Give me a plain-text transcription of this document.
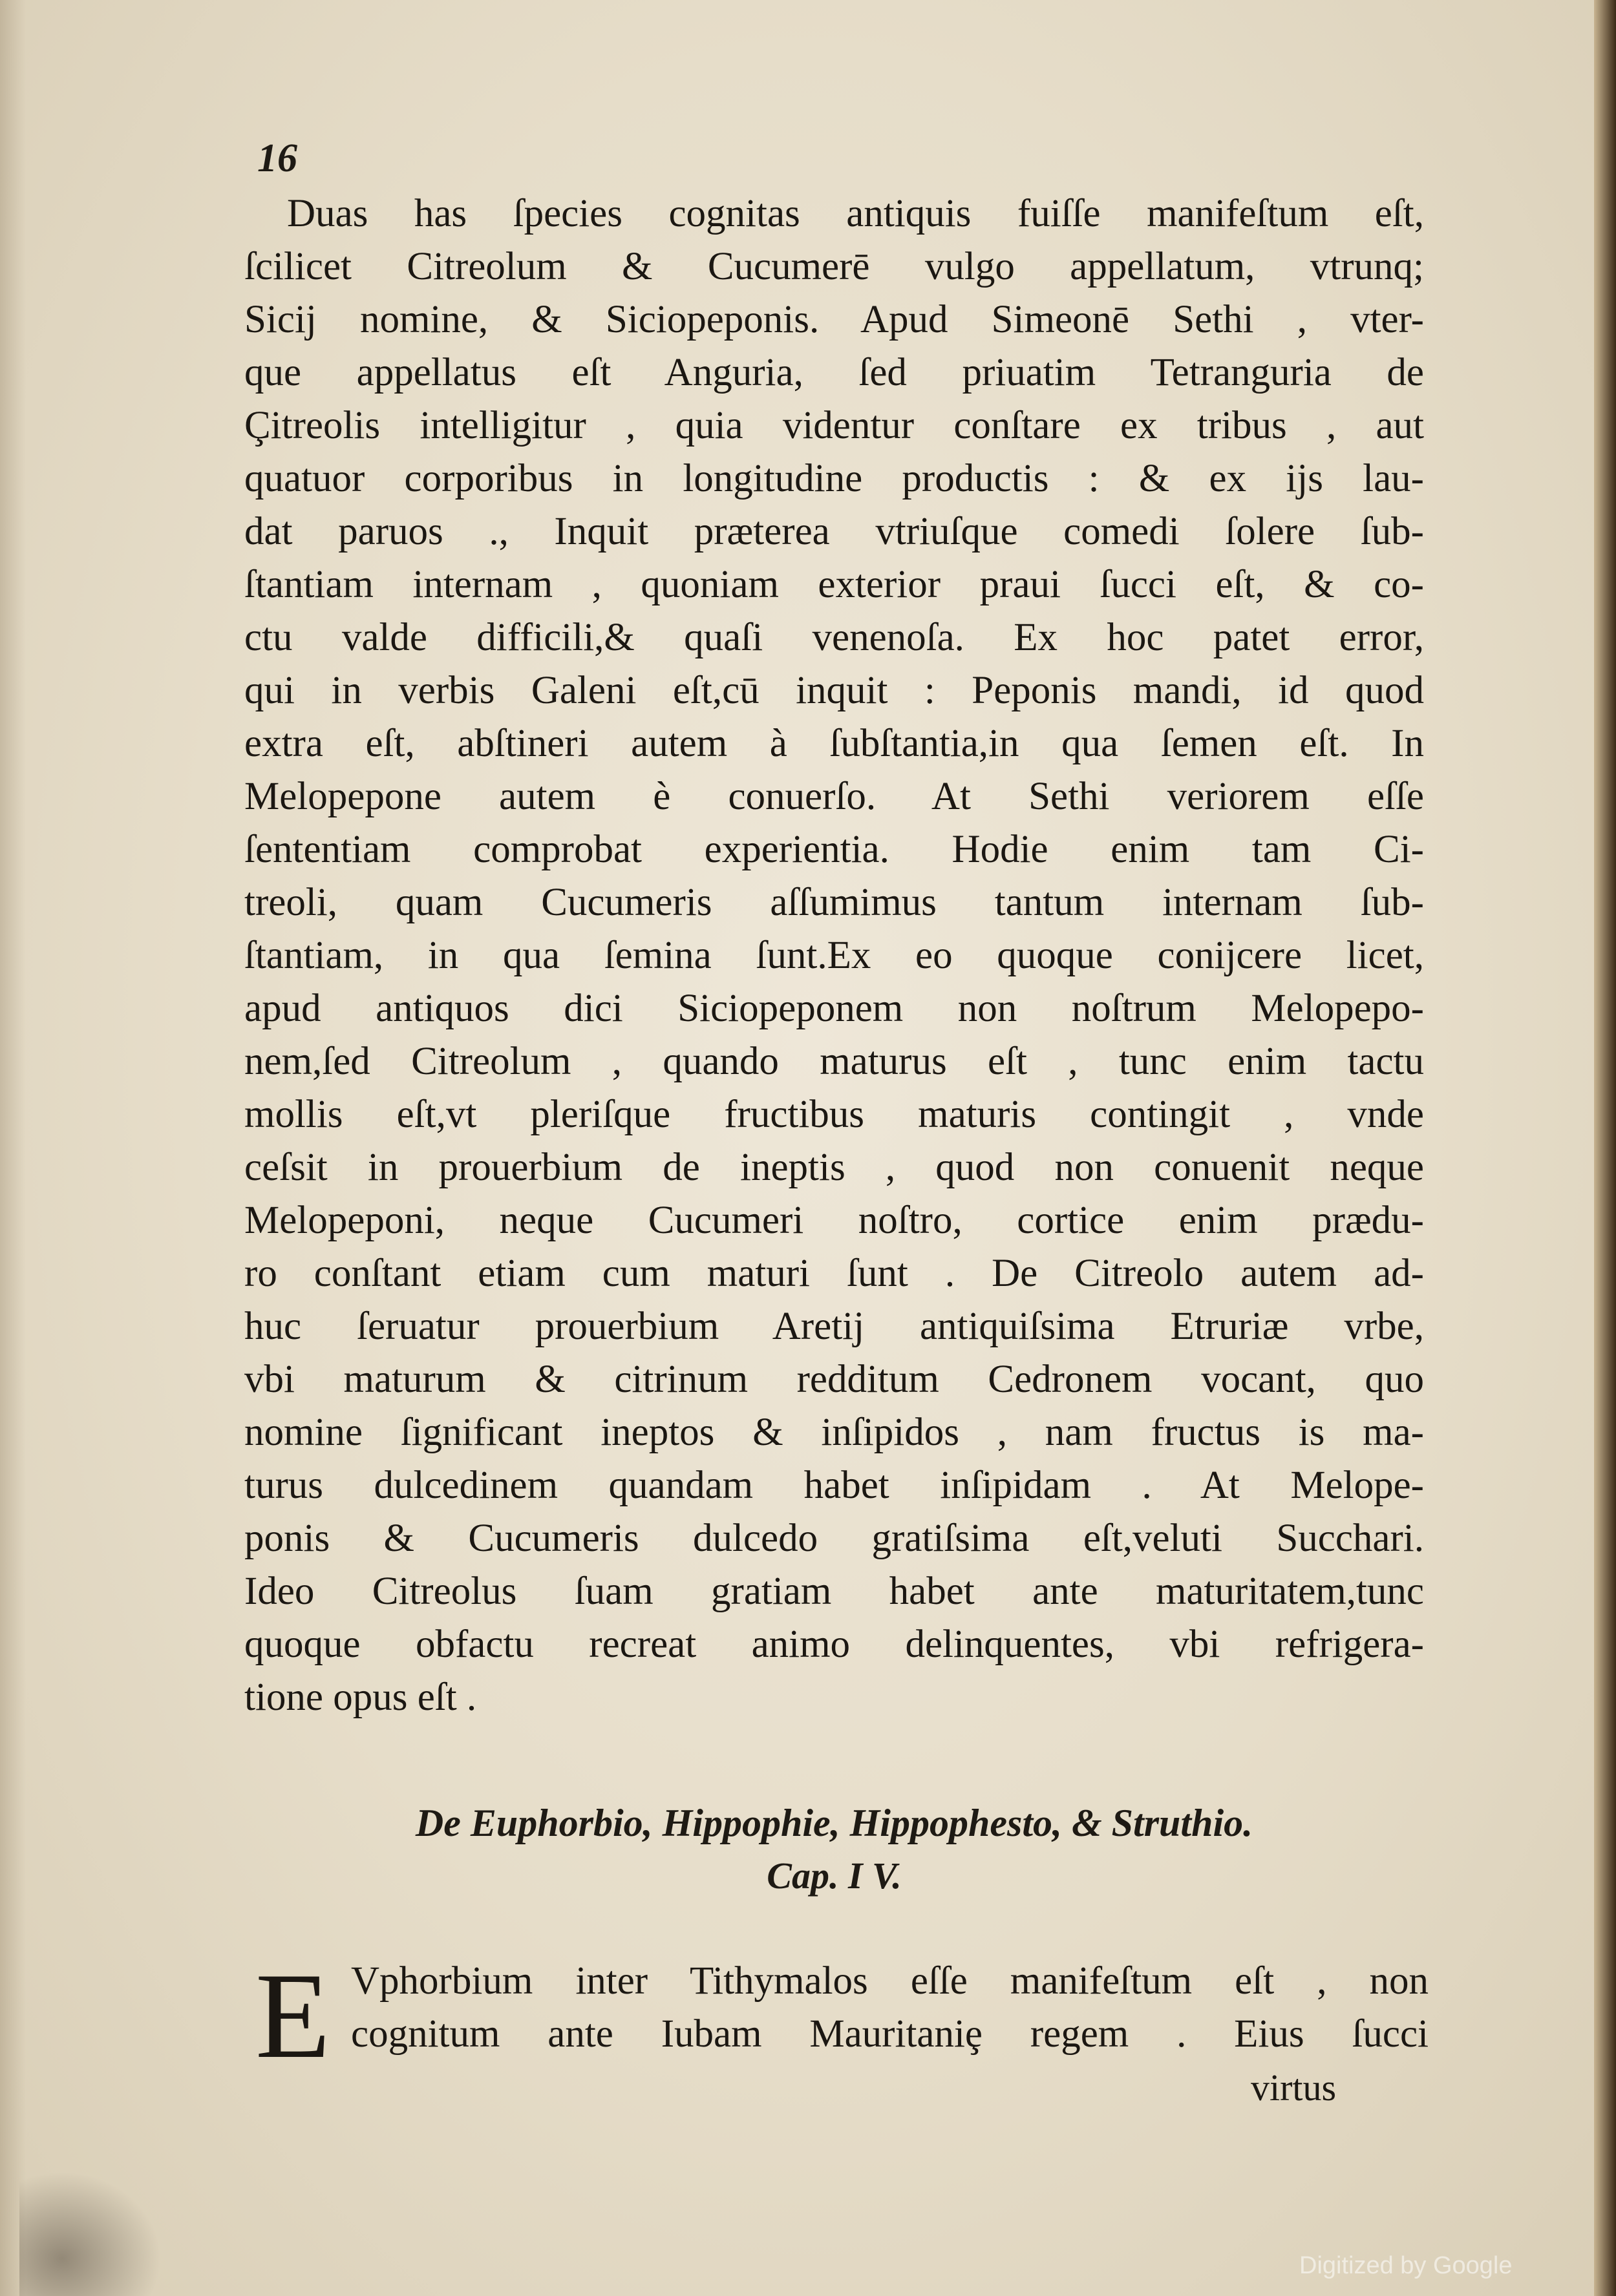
16

Duas has ſpecies cognitas antiquis fuiſſe manifeſtum eſt,
ſcilicet Citreolum & Cucumerē vulgo appellatum, vtrunq;
Sicij nomine, & Siciopeponis. Apud Simeonē Sethi , vter-
que appellatus eſt Anguria, ſed priuatim Tetranguria de
Çitreolis intelligitur , quia videntur conſtare ex tribus , aut
quatuor corporibus in longitudine productis : & ex ijs lau-
dat paruos ., Inquit præterea vtriuſque comedi ſolere ſub-
ſtantiam internam , quoniam exterior praui ſucci eſt, & co-
ctu valde difficili,& quaſi venenoſa. Ex hoc patet error,
qui in verbis Galeni eſt,cū inquit : Peponis mandi, id quod
extra eſt, abſtineri autem à ſubſtantia,in qua ſemen eſt. In
Melopepone autem è conuerſo. At Sethi veriorem eſſe
ſententiam comprobat experientia. Hodie enim tam Ci-
treoli, quam Cucumeris aſſumimus tantum internam ſub-
ſtantiam, in qua ſemina ſunt.Ex eo quoque conijcere licet,
apud antiquos dici Siciopeponem non noſtrum Melopepo-
nem,ſed Citreolum , quando maturus eſt , tunc enim tactu
mollis eſt,vt pleriſque fructibus maturis contingit , vnde
ceſsit in prouerbium de ineptis , quod non conuenit neque
Melopeponi, neque Cucumeri noſtro, cortice enim prædu-
ro conſtant etiam cum maturi ſunt . De Citreolo autem ad-
huc ſeruatur prouerbium Aretij antiquiſsima Etruriæ vrbe,
vbi maturum & citrinum redditum Cedronem vocant, quo
nomine ſignificant ineptos & inſipidos , nam fructus is ma-
turus dulcedinem quandam habet inſipidam . At Melope-
ponis & Cucumeris dulcedo gratiſsima eſt,veluti Succhari.
Ideo Citreolus ſuam gratiam habet ante maturitatem,tunc
quoque obfactu recreat animo delinquentes, vbi refrigera-
tione opus eſt .
De Euphorbio, Hippophie, Hippophesto, & Struthio.
Cap. I V.
E Vphorbium inter Tithymalos eſſe manifeſtum eſt , non
cognitum ante Iubam Mauritaniȩ regem . Eius ſucci
virtus
Digitized by Google
